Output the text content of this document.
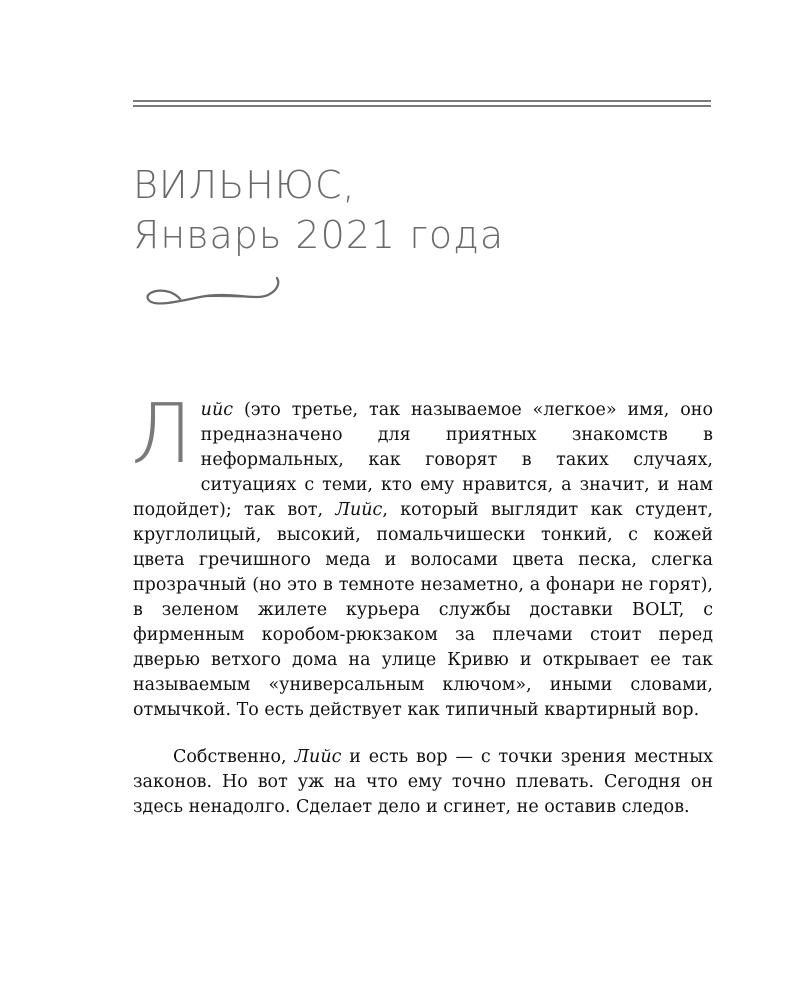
ВИЛЬНЮС,
Январь 2021 года

Лийс (это третье, так называемое «легкое» имя, оно предназначено для приятных знакомств в неформальных, как говорят в таких случаях, ситуациях с теми, кто ему нравится, а значит, и нам подойдет); так вот, Лийс, который выглядит как студент, круглолицый, высокий, помальчишески тонкий, с кожей цвета гречишного меда и волосами цвета песка, слегка прозрачный (но это в темноте незаметно, а фонари не горят), в зеленом жилете курьера службы доставки BOLT, с фирменным коробом-рюкзаком за плечами стоит перед дверью ветхого дома на улице Кривю и открывает ее так называемым «универсальным ключом», иными словами, отмычкой. То есть действует как типичный квартирный вор.

Собственно, Лийс и есть вор — с точки зрения местных законов. Но вот уж на что ему точно плевать. Сегодня он здесь ненадолго. Сделает дело и сгинет, не оставив следов.
